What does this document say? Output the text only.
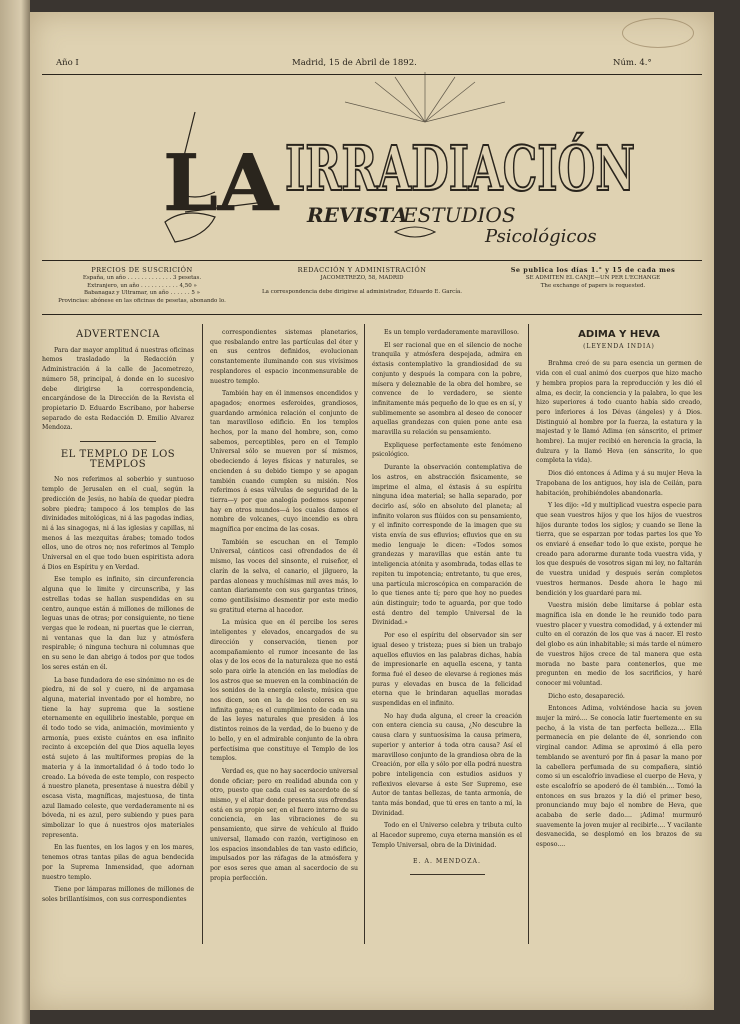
Año I	Madrid, 15 de Abril de 1892.	Núm. 4.°
LA IRRADIACIÓN
REVISTA
ESTUDIOS
Psicológicos
PRECIOS DE SUSCRICIÓN
España, un año . . . . . . . . . . . . . 3 pesetas.
Extranjero, un año . . . . . . . . . . . 4,50 »
Babanagaz y Ultramar, un año . . . . . . 5 »
Provincias: abónese en las oficinas de pesetas, abonando lo.
REDACCIÓN Y ADMINISTRACIÓN
JACOMETREZO, 58, MADRID
La correspondencia debe dirigirse al administrador, Eduardo E. García.
Se publica los días 1.° y 15 de cada mes
SE ADMITEN EL CANJE—UN PER L'ECHANGE
The exchange of papers is requested.
ADVERTENCIA

Para dar mayor amplitud á nuestras oficinas hemos trasladado la Redacción y Administración á la calle de Jacometrezo, número 58, principal, á donde en lo sucesivo debe dirigirse la correspondencia, encargándose de la Dirección de la Revista el propietario D. Eduardo Escribano, por haberse separado de esta Redacción D. Emilio Alvarez Mendoza.

EL TEMPLO DE LOS TEMPLOS

No nos referimos al soberbio y suntuoso templo de Jerusalen en el cual, según la predicción de Jesús, no había de quedar piedra sobre piedra; tampoco á los templos de las divinidades mitológicas, ni á las pagodas indias, ni á las sinagogas, ni á las iglesias y capillas, ni menos á las mezquitas árabes; tomado todos ellos, uno de otros no; nos referimos al Templo Universal en el que todo buen espiritista adora á Dios en Espíritu y en Verdad.

Ese templo es infinito, sin circunferencia alguna que le limite y circunscriba, y las estrellas todas se hallan suspendidas en su centro, aunque están á millones de millones de leguas unas de otras; por consiguiente, no tiene vergas que le rodean, ni puertas que le cierran, ni ventanas que la dan luz y atmósfera respirable; ó ninguna techura ni columnas que en su seno le dan abrigo á todos por que todos los seres están en él.

La base fundadora de ese sinónimo no es de piedra, ni de sol y cuero, ni de argamasa alguna, material inventado por el hombre, no tiene la hay suprema que la sostiene eternamente en equilibrio inestable, porque en él todo todo se vida, animación, movimiento y armonía, pues existe cuántos en esa infinito recinto á excepción del que Dios aquella leyes está sujeto á las multiformes propias de la materia y á la inmortalidad ó á todo todo lo creado. La bóveda de este templo, con respecto á nuestro planeta, presentase á nuestra débil y escasa vista, magníficas, majestuosa, de tinta azul llamado celeste, que verdaderamente ni es bóveda, ni es azul, pero subiendo y pues para simbolizar lo que á nuestros ojos materiales representa.

En las fuentes, en los lagos y en los mares, tenemos otras tantas pilas de agua bendecida por la Suprema Inmensidad, que adornan nuestro templo.

Tiene por lámparas millones de millones de soles brillantísimos, con sus correspondientes

correspondientes sistemas planetarios, que resbalando entre las partículas del éter y en sus centros definidos, evolucionan constantemente iluminando con sus vivísimos resplandores el espacio inconmensurable de nuestro templo.

También hay en él inmensos encendidos y apagados; enormes esferoides, grandiosos, guardando armónica relación el conjunto de tan maravilloso edificio. En los templos hechos, por la mano del hombre, son, como sabemos, perceptibles, pero en el Templo Universal sólo se mueven por sí mismos, obedeciendo á leyes físicas y naturales, se encienden á su debido tiempo y se apagan también cuando cumplen su misión. Nos referimos á esas válvulas de seguridad de la tierra—y por que analogía podemos suponer hay en otros mundos—á los cuales damos el nombre de volcanes, cuyo incendio es obra magnífica por encima de las cosas.

También se escuchan en el Templo Universal, cánticos casi ofrendados de él mismo, las voces del sinsonte, el ruiseñor, el clarín de la selva, el canario, el jilguero, la pardas aloneas y muchísimas mil aves más, lo cantan diariamente con sus gargantas trinos, como gentilisísimo desmentir por este medio su gratitud eterna al hacedor.

La música que en él percibe los seres inteligentes y elevados, encargados de su dirección y conservación, tienen por acompañamiento el rumor incesante de las olas y de los ecos de la naturaleza que no está solo para oirle la atención en las melodías de los astros que se mueven en la combinación de los sonidos de la energía celeste, música que nos dicen, son en la de los colores en su infinita gama; es el cumplimiento de cada una de las leyes naturales que presiden á los distintos reinos de la verdad, de lo bueno y de lo bello, y en el admirable conjunto de la obra perfectísima que constituye el Templo de los templos.

Verdad es, que no hay sacerdocio universal donde oficiar; pero en realidad abunda con y otro, puesto que cada cual es sacerdote de sí mismo, y el altar donde presenta sus ofrendas está en su propio ser, en el fuero interno de su conciencia, en las vibraciones de su pensamiento, que sirve de vehículo al fluido universal, llamado con razón, vertiginoso en los espacios insondables de tan vasto edificio, impulsados por las ráfagas de la atmósfera y por esos seres que aman al sacerdocio de su propia perfección.

Es un templo verdaderamente maravilloso.

El ser racional que en el silencio de noche tranquila y atmósfera despejada, admira en éxtasis contemplativo la grandiosidad de su conjunto y después la compara con la pobre, mísera y deleznable de la obra del hombre, se convence de lo verdadero, se siente infinitamente más pequeño de lo que es en sí, y sublimemente se asombra al deseo de conocer aquellas grandezas con quien pone ante esa maravilla su relación su pensamiento.

Expliquese perfectamente este fenómeno psicológico.

Durante la observación contemplativa de los astros, en abstracción fisicamente, se imprime el alma, el éxtasis á su espíritu ninguna idea material; se halla separado, por decirlo así, sólo en absoluto del planeta; al infinito volaron sus flúidos con su pensamiento, y el infinito corresponde de la imagen que su vista envía de sus efluvios; efluvios que en su medio lenguaje le dicen: «Todos somos grandezas y maravillas que están ante tu inteligencia atónita y asombrada, todas ellas te repiten tu impotencia; entretanto, tu que eres, una partícula microscópica en comparación de lo que tienes ante tí; pero que hoy no puedes aún distinguir; todo te aguarda, por que todo está dentro del templo Universal de la Divinidad.»

Por eso el espíritu del observador sin ser igual deseo y tristeza; pues si bien un trabajo aquellos efluvios en las palabras dichas, había de impresionarle en aquella escena, y tanta forma fué el deseo de elevarse á regiones más puras y elevadas en busca de la felicidad eterna que le brindaran aquellas moradas suspendidas en el infinito.

No hay duda alguna, el creer la creación con entera ciencia su causa, ¿No descubre la causa clara y suntuosísima la causa primera, superior y anterior á toda otra causa? Así el maravilloso conjunto de la grandiosa obra de la Creación, por ella y sólo por ella podrá nuestra pobre inteligencia con estudios asiduos y reflexivos elevarse á este Ser Supremo, ese Autor de tantas bellezas, de tanta armonía, de tanta más bondad, que tú eres en tanto a mí, la Divinidad.

Todo en el Universo celebra y tributa culto al Hacedor supremo, cuya eterna mansión es el Templo Universal, obra de la Divinidad.

E. A. MENDOZA.
ADIMA Y HEVA
(LEYENDA INDIA)

Brahma creó de su para esencia un germen de vida con el cual animó dos cuerpos que hizo macho y hembra propios para la reproducción y les dió el alma, es decir, la conciencia y la palabra, lo que les hizo superiores á todo cuanto había sido creado, pero inferiores á los Dévas (ángeles) y á Dios. Distinguió al hombre por la fuerza, la estatura y la majestad y le llamó Adima (en sánscrito, el primer hombre). La mujer recibió en herencia la gracia, la dulzura y la llamó Heva (en sánscrito, lo que completa la vida).

Dios dió entonces á Adima y á su mujer Heva la Trapobana de los antiguos, hoy isla de Ceilán, para habitación, prohibiéndoles abandonarla.

Y les dijo: «Id y multiplicad vuestra especie para que sean vuestros hijos y que los hijos de vuestros hijos durante todos los siglos; y cuando se llene la tierra, que se esparzan por todas partes los que Yo os enviaré á enseñar todo lo que existe, porque he creado para adorarme durante toda vuestra vida, y los que después de vosotros sigan mi ley, no faltarán de vuestra unidad y después serán completos vuestros hermanos. Desde ahora le hago mi bendición y los guardaré para mi.

Vuestra misión debe limitarse á poblar esta magnífica isla en donde le he reunido todo para vuestro placer y vuestra comodidad, y á extender mi culto en el corazón de los que vas á nacer. El resto del globo es aún inhabitable; si más tarde el número de vuestros hijos crece de tal manera que esta morada no baste para contenerlos, que me pregunten en medio de los sacrificios, y haré conocer mi voluntad.

Dicho esto, desapareció.

Entonces Adima, volviéndose hacia su joven mujer la miró.... Se conocía latir fuertemente en su pecho, á la vista de tan perfecta belleza.... Ella permanecía en pie delante de él, sonriendo con virginal candor. Adima se aproximó á ella pero temblando se aventuró por fin á pasar la mano por la cabellera perfumada de su compañera, sintió como si un escalofrío invadiese el cuerpo de Heva, y este escalofrío se apoderó de él también.... Tomó la entonces en sus brazos y la dió el primer beso, pronunciando muy bajo el nombre de Heva, que acababa de serle dado.... ¡Adima! murmuró suavemente la joven mujer al recibirle.... Y vacilante desvanecida, se desplomó en los brazos de su esposo....
